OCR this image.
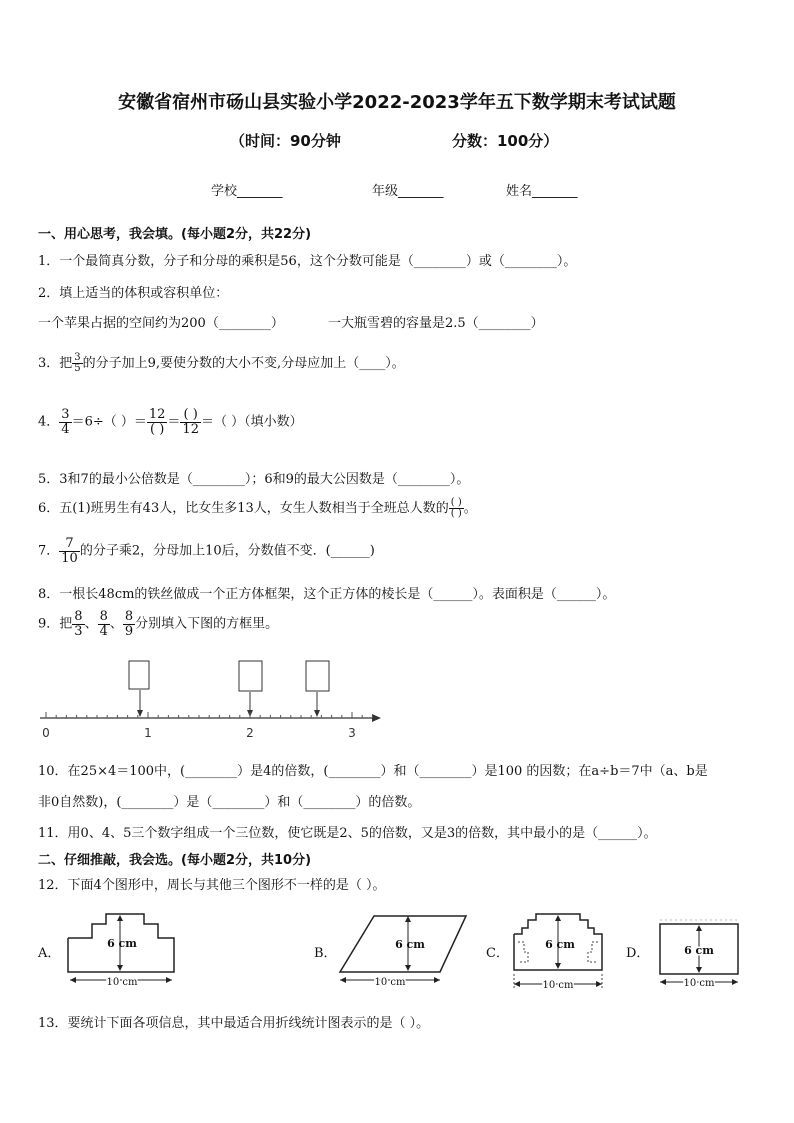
安徽省宿州市砀山县实验小学2022-2023学年五下数学期末考试试题
（时间：90分钟	分数：100分）
学校_______	年级_______	姓名_______
一、用心思考，我会填。(每小题2分，共22分)
1．一个最简真分数，分子和分母的乘积是56，这个分数可能是（________）或（________）。
2．填上适当的体积或容积单位：
一个苹果占据的空间约为200（________）	一大瓶雪碧的容量是2.5（________）
3．把 $\frac{3}{5}$ 的分子加上9,要使分数的大小不变,分母应加上（____）。
4． $\frac{3}{4} =6\div$（ ）＝ $\frac{12}{( )} = \frac{( )}{12}$ ＝（ ）（填小数）
5．3和7的最小公倍数是（________）；6和9的最大公因数是（________）。
6．五(1)班男生有43人，比女生多13人，女生人数相当于全班总人数的 $\frac{( )}{( )}$ 。
7． $\frac{7}{10}$ 的分子乘2，分母加上10后，分数值不变．(______)
8．一根长48cm的铁丝做成一个正方体框架，这个正方体的棱长是（______）。表面积是（______）。
9．把 $\frac{8}{3}$ 、 $\frac{8}{4}$ 、 $\frac{8}{9}$ 分别填入下图的方框里。
0	1	2	3
10．在25×4＝100中，(________）是4的倍数，(________）和（________）是100 的因数；在a÷b＝7中（a、b是
非0自然数)，(________）是（________）和（________）的倍数。
11．用0、4、5三个数字组成一个三位数，使它既是2、5的倍数，又是3的倍数，其中最小的是（______）。
二、仔细推敲，我会选。(每小题2分，共10分)
12．下面4个图形中，周长与其他三个图形不一样的是（ ）。
A．
6 cm
10 cm
B．
6 cm
10 cm
C．
6 cm
10 cm
D．	6 cm
10 cm
13．要统计下面各项信息，其中最适合用折线统计图表示的是（ ）。
